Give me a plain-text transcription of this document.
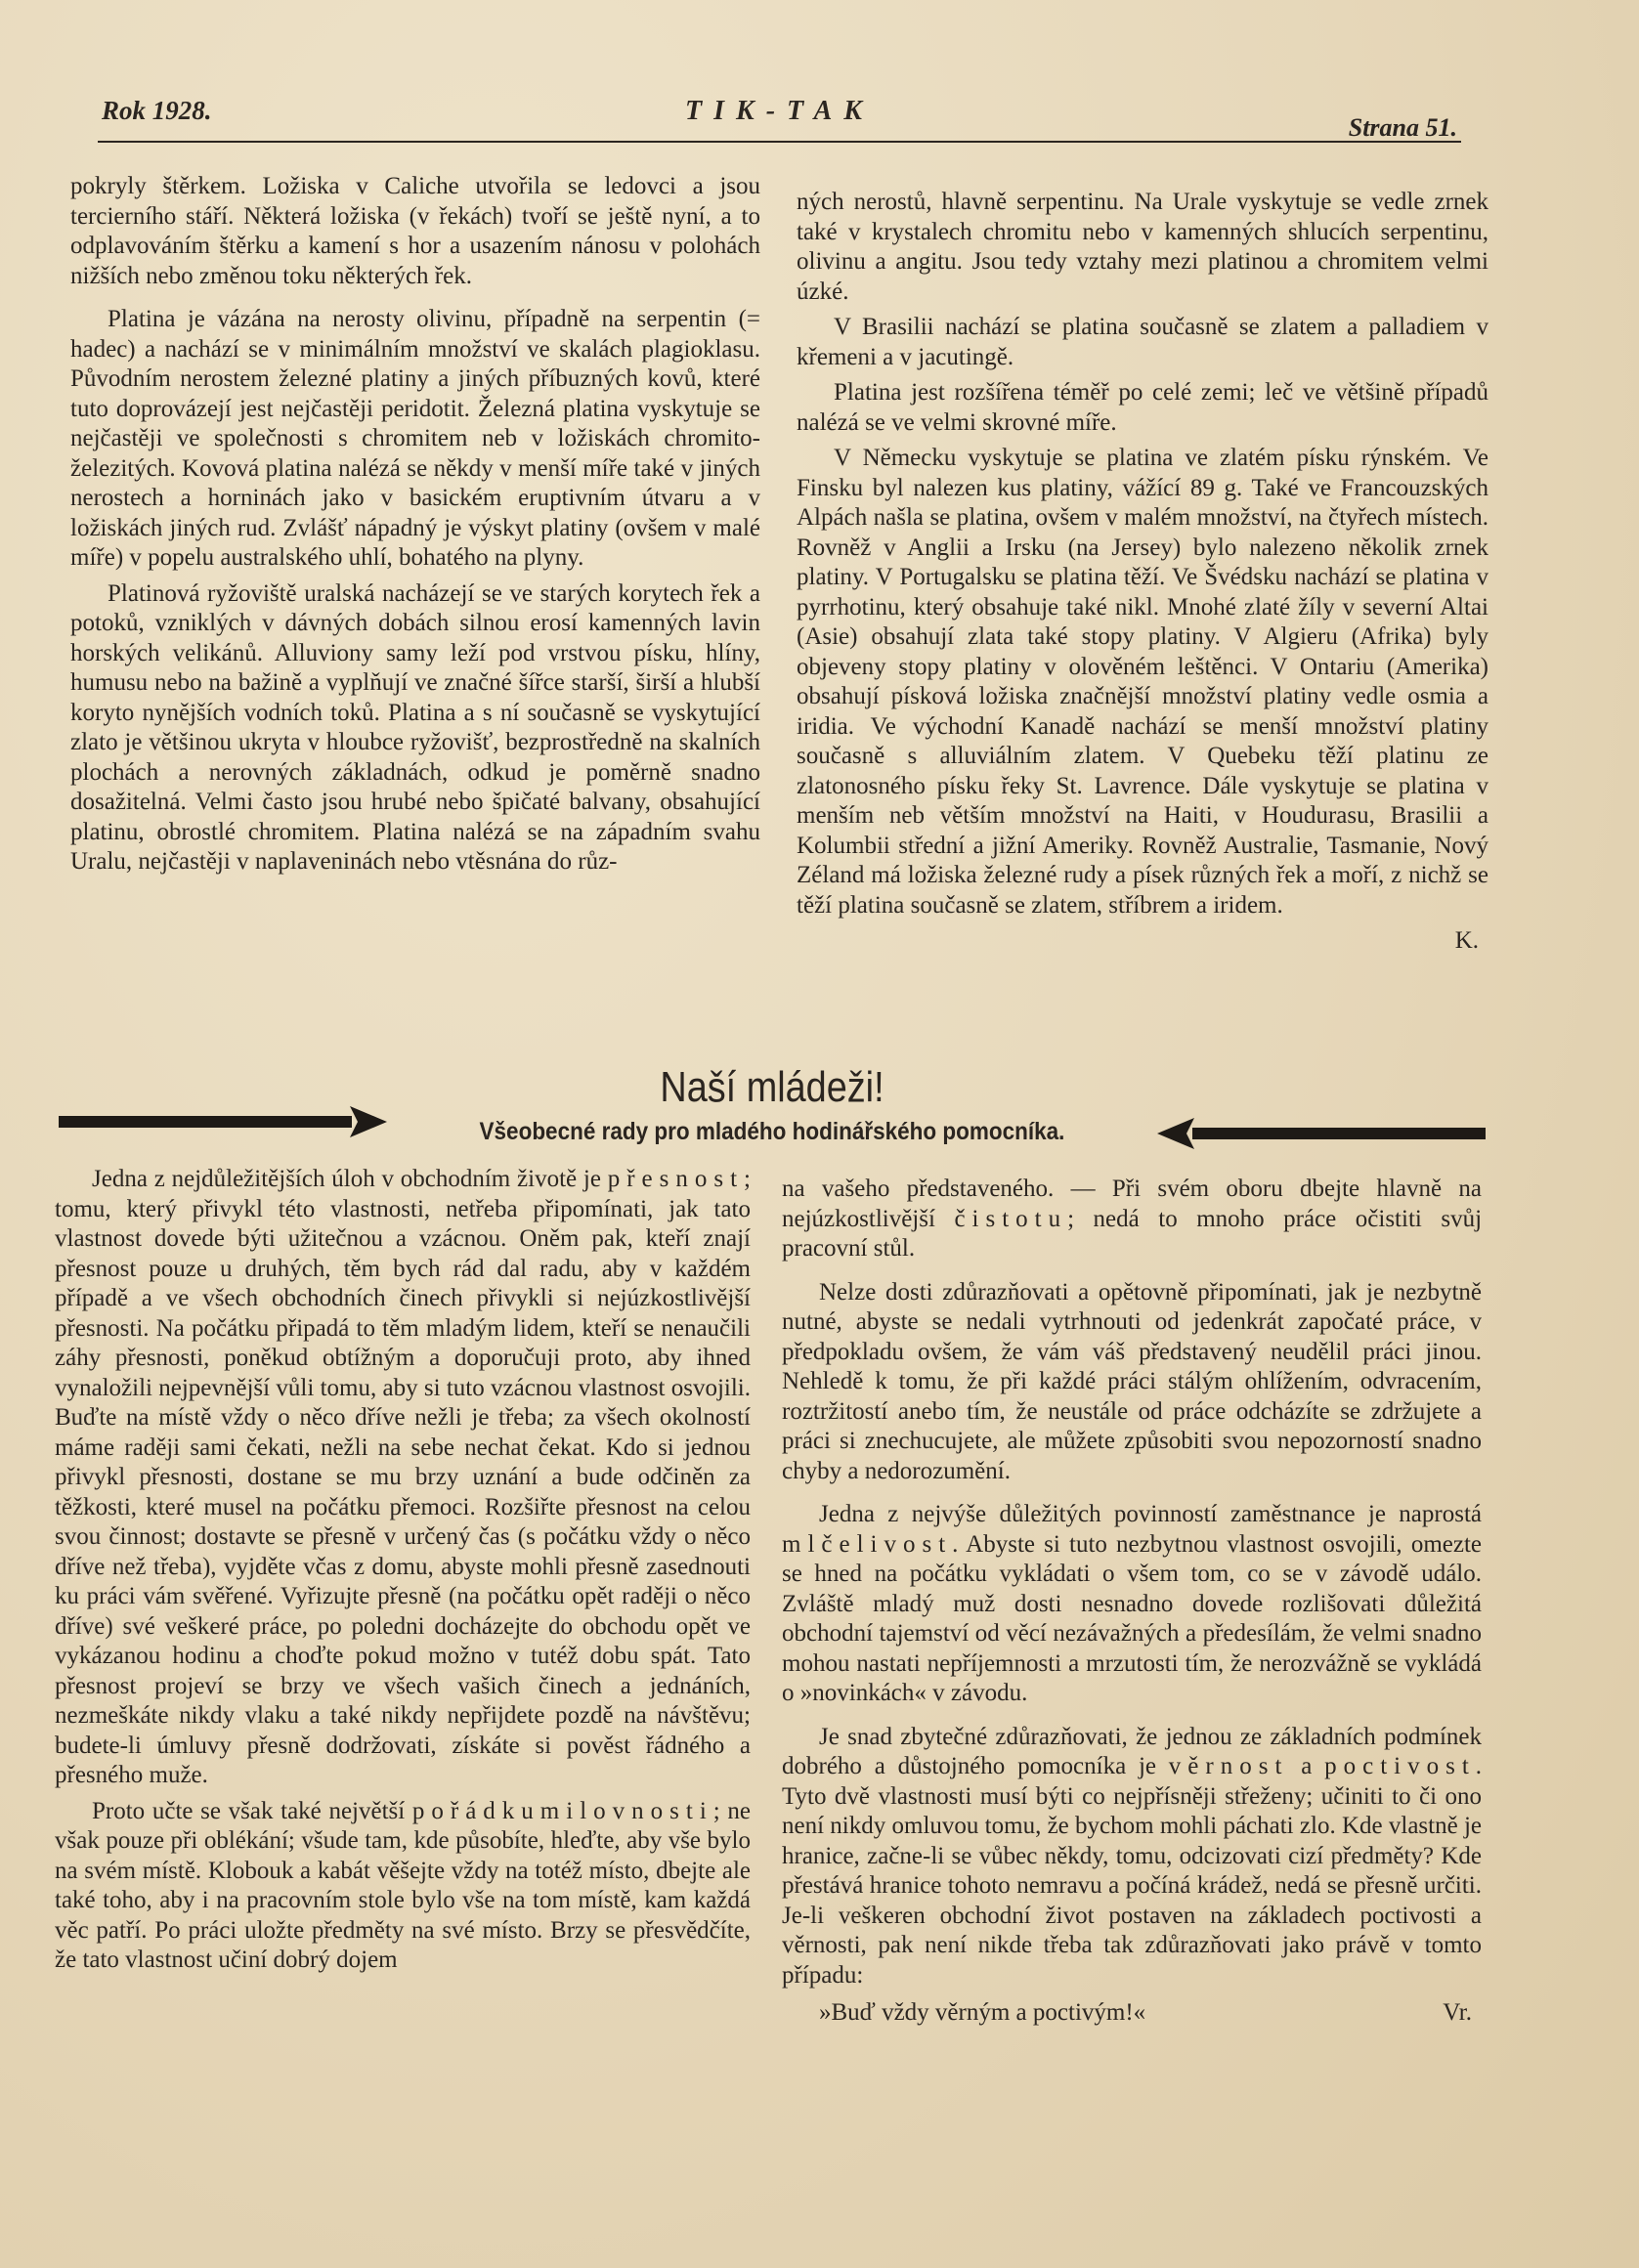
Rok 1928.	TIK-TAK
Strana 51.

pokryly štěrkem. Ložiska v Caliche utvořila se ledovci a jsou tercierního stáří. Některá ložiska (v řekách) tvoří se ještě nyní, a to odplavováním štěrku a kamení s hor a usazením nánosu v polohách nižších nebo změnou toku některých řek.

Platina je vázána na nerosty olivinu, případně na serpentin (= hadec) a nachází se v minimálním množství ve skalách plagioklasu. Původním nerostem železné platiny a jiných příbuzných kovů, které tuto doprovázejí jest nejčastěji peridotit. Železná platina vyskytuje se nejčastěji ve společnosti s chromitem neb v ložiskách chromito-železitých. Kovová platina nalézá se někdy v menší míře také v jiných nerostech a horninách jako v basickém eruptivním útvaru a v ložiskách jiných rud. Zvlášť nápadný je výskyt platiny (ovšem v malé míře) v popelu australského uhlí, bohatého na plyny.

Platinová ryžoviště uralská nacházejí se ve starých korytech řek a potoků, vzniklých v dávných dobách silnou erosí kamenných lavin horských velikánů. Alluviony samy leží pod vrstvou písku, hlíny, humusu nebo na bažině a vyplňují ve značné šířce starší, širší a hlubší koryto nynějších vodních toků. Platina a s ní současně se vyskytující zlato je většinou ukryta v hloubce ryžovišť, bezprostředně na skalních plochách a nerovných základnách, odkud je poměrně snadno dosažitelná. Velmi často jsou hrubé nebo špičaté balvany, obsahující platinu, obrostlé chromitem. Platina nalézá se na západním svahu Uralu, nejčastěji v naplaveninách nebo vtěsnána do růz-

ných nerostů, hlavně serpentinu. Na Urale vyskytuje se vedle zrnek také v krystalech chromitu nebo v kamenných shlucích serpentinu, olivinu a angitu. Jsou tedy vztahy mezi platinou a chromitem velmi úzké.

V Brasilii nachází se platina současně se zlatem a palladiem v křemeni a v jacutingě.

Platina jest rozšířena téměř po celé zemi; leč ve většině případů nalézá se ve velmi skrovné míře.

V Německu vyskytuje se platina ve zlatém písku rýnském. Ve Finsku byl nalezen kus platiny, vážící 89 g. Také ve Francouzských Alpách našla se platina, ovšem v malém množství, na čtyřech místech. Rovněž v Anglii a Irsku (na Jersey) bylo nalezeno několik zrnek platiny. V Portugalsku se platina těží. Ve Švédsku nachází se platina v pyrrhotinu, který obsahuje také nikl. Mnohé zlaté žíly v severní Altai (Asie) obsahují zlata také stopy platiny. V Algieru (Afrika) byly objeveny stopy platiny v olověném leštěnci. V Ontariu (Amerika) obsahují písková ložiska značnější množství platiny vedle osmia a iridia. Ve východní Kanadě nachází se menší množství platiny současně s alluviálním zlatem. V Quebeku těží platinu ze zlatonosného písku řeky St. Lavrence. Dále vyskytuje se platina v menším neb větším množství na Haiti, v Houdurasu, Brasilii a Kolumbii střední a jižní Ameriky. Rovněž Australie, Tasmanie, Nový Zéland má ložiska železné rudy a písek různých řek a moří, z nichž se těží platina současně se zlatem, stříbrem a iridem.

K.

Naší mládeži!
Všeobecné rady pro mladého hodinářského pomocníka.

Jedna z nejdůležitějších úloh v obchodním životě je přesnost; tomu, který přivykl této vlastnosti, netřeba připomínati, jak tato vlastnost dovede býti užitečnou a vzácnou. Oněm pak, kteří znají přesnost pouze u druhých, těm bych rád dal radu, aby v každém případě a ve všech obchodních činech přivykli si nejúzkostlivější přesnosti. Na počátku připadá to těm mladým lidem, kteří se nenaučili záhy přesnosti, poněkud obtížným a doporučuji proto, aby ihned vynaložili nejpevnější vůli tomu, aby si tuto vzácnou vlastnost osvojili. Buďte na místě vždy o něco dříve nežli je třeba; za všech okolností máme raději sami čekati, nežli na sebe nechat čekat. Kdo si jednou přivykl přesnosti, dostane se mu brzy uznání a bude odčiněn za těžkosti, které musel na počátku přemoci. Rozšiřte přesnost na celou svou činnost; dostavte se přesně v určený čas (s počátku vždy o něco dříve než třeba), vyjděte včas z domu, abyste mohli přesně zasednouti ku práci vám svěřené. Vyřizujte přesně (na počátku opět raději o něco dříve) své veškeré práce, po poledni docházejte do obchodu opět ve vykázanou hodinu a choďte pokud možno v tutéž dobu spát. Tato přesnost projeví se brzy ve všech vašich činech a jednáních, nezmeškáte nikdy vlaku a také nikdy nepřijdete pozdě na návštěvu; budete-li úmluvy přesně dodržovati, získáte si pověst řádného a přesného muže.

Proto učte se však také největší pořádkumilovnosti; ne však pouze při oblékání; všude tam, kde působíte, hleďte, aby vše bylo na svém místě. Klobouk a kabát věšejte vždy na totéž místo, dbejte ale také toho, aby i na pracovním stole bylo vše na tom místě, kam každá věc patří. Po práci uložte předměty na své místo. Brzy se přesvědčíte, že tato vlastnost učiní dobrý dojem

na vašeho představeného. — Při svém oboru dbejte hlavně na nejúzkostlivější čistotu; nedá to mnoho práce očistiti svůj pracovní stůl.

Nelze dosti zdůrazňovati a opětovně připomínati, jak je nezbytně nutné, abyste se nedali vytrhnouti od jedenkrát započaté práce, v předpokladu ovšem, že vám váš představený neudělil práci jinou. Nehledě k tomu, že při každé práci stálým ohlížením, odvracením, roztržitostí anebo tím, že neustále od práce odcházíte se zdržujete a práci si znechucujete, ale můžete způsobiti svou nepozorností snadno chyby a nedorozumění.

Jedna z nejvýše důležitých povinností zaměstnance je naprostá mlčelivost. Abyste si tuto nezbytnou vlastnost osvojili, omezte se hned na počátku vykládati o všem tom, co se v závodě událo. Zvláště mladý muž dosti nesnadno dovede rozlišovati důležitá obchodní tajemství od věcí nezávažných a předesílám, že velmi snadno mohou nastati nepříjemnosti a mrzutosti tím, že nerozvážně se vykládá o »novinkách« v závodu.

Je snad zbytečné zdůrazňovati, že jednou ze základních podmínek dobrého a důstojného pomocníka je věrnost a poctivost. Tyto dvě vlastnosti musí býti co nejpřísněji střeženy; učiniti to či ono není nikdy omluvou tomu, že bychom mohli páchati zlo. Kde vlastně je hranice, začne-li se vůbec někdy, tomu, odcizovati cizí předměty? Kde přestává hranice tohoto nemravu a počíná krádež, nedá se přesně určiti. Je-li veškeren obchodní život postaven na základech poctivosti a věrnosti, pak není nikde třeba tak zdůrazňovati jako právě v tomto případu:

»Buď vždy věrným a poctivým!«	Vr.
